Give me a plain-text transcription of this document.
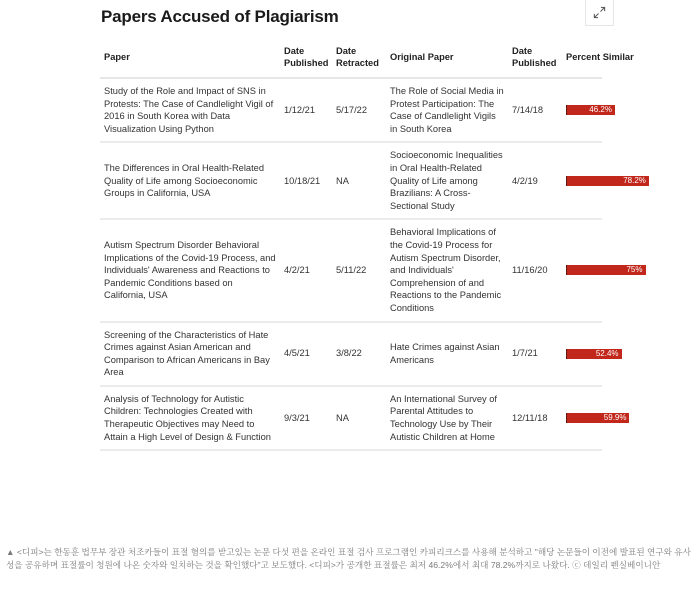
Papers Accused of Plagiarism
Paper	Date Published	Date Retracted	Original Paper	Date Published	Percent Similar
Study of the Role and Impact of SNS in Protests: The Case of Candlelight Vigil of 2016 in South Korea with Data Visualization Using Python	1/12/21	5/17/22	The Role of Social Media in Protest Participation: The Case of Candlelight Vigils in South Korea	7/14/18	46.2%

The Differences in Oral Health-Related Quality of Life among Socioeconomic Groups in California, USA	10/18/21	NA	Socioeconomic Inequalities in Oral Health-Related Quality of Life among Brazilians: A Cross-Sectional Study	4/2/19	78.2%

Autism Spectrum Disorder Behavioral Implications of the Covid-19 Process, and Individuals' Awareness and Reactions to Pandemic Conditions based on California, USA	4/2/21	5/11/22	Behavioral Implications of the Covid-19 Process for Autism Spectrum Disorder, and Individuals' Comprehension of and Reactions to the Pandemic Conditions	11/16/20	75%

Screening of the Characteristics of Hate Crimes against Asian American and Comparison to African Americans in Bay Area	4/5/21	3/8/22	Hate Crimes against Asian Americans	1/7/21	52.4%

Analysis of Technology for Autistic Children: Technologies Created with Therapeutic Objectives may Need to Attain a High Level of Design & Function	9/3/21	NA	An International Survey of Parental Attitudes to Technology Use by Their Autistic Children at Home	12/11/18	59.9%
▲ <디피>는 한동훈 법무부 장관 처조카들이 표절 혐의를 받고있는 논문 다섯 편을 온라인 표절 검사 프로그램인 카피리크스를 사용해 분석하고 "해당 논문들이 이전에 발표된 연구와 유사성을 공유하며 표절률이 청원에 나온 숫자와 일치하는 것을 확인했다"고 보도했다. <디피>가 공개한 표절률은 최저 46.2%에서 최대 78.2%까지로 나왔다. ⓒ 데일리 펜실베이니안
